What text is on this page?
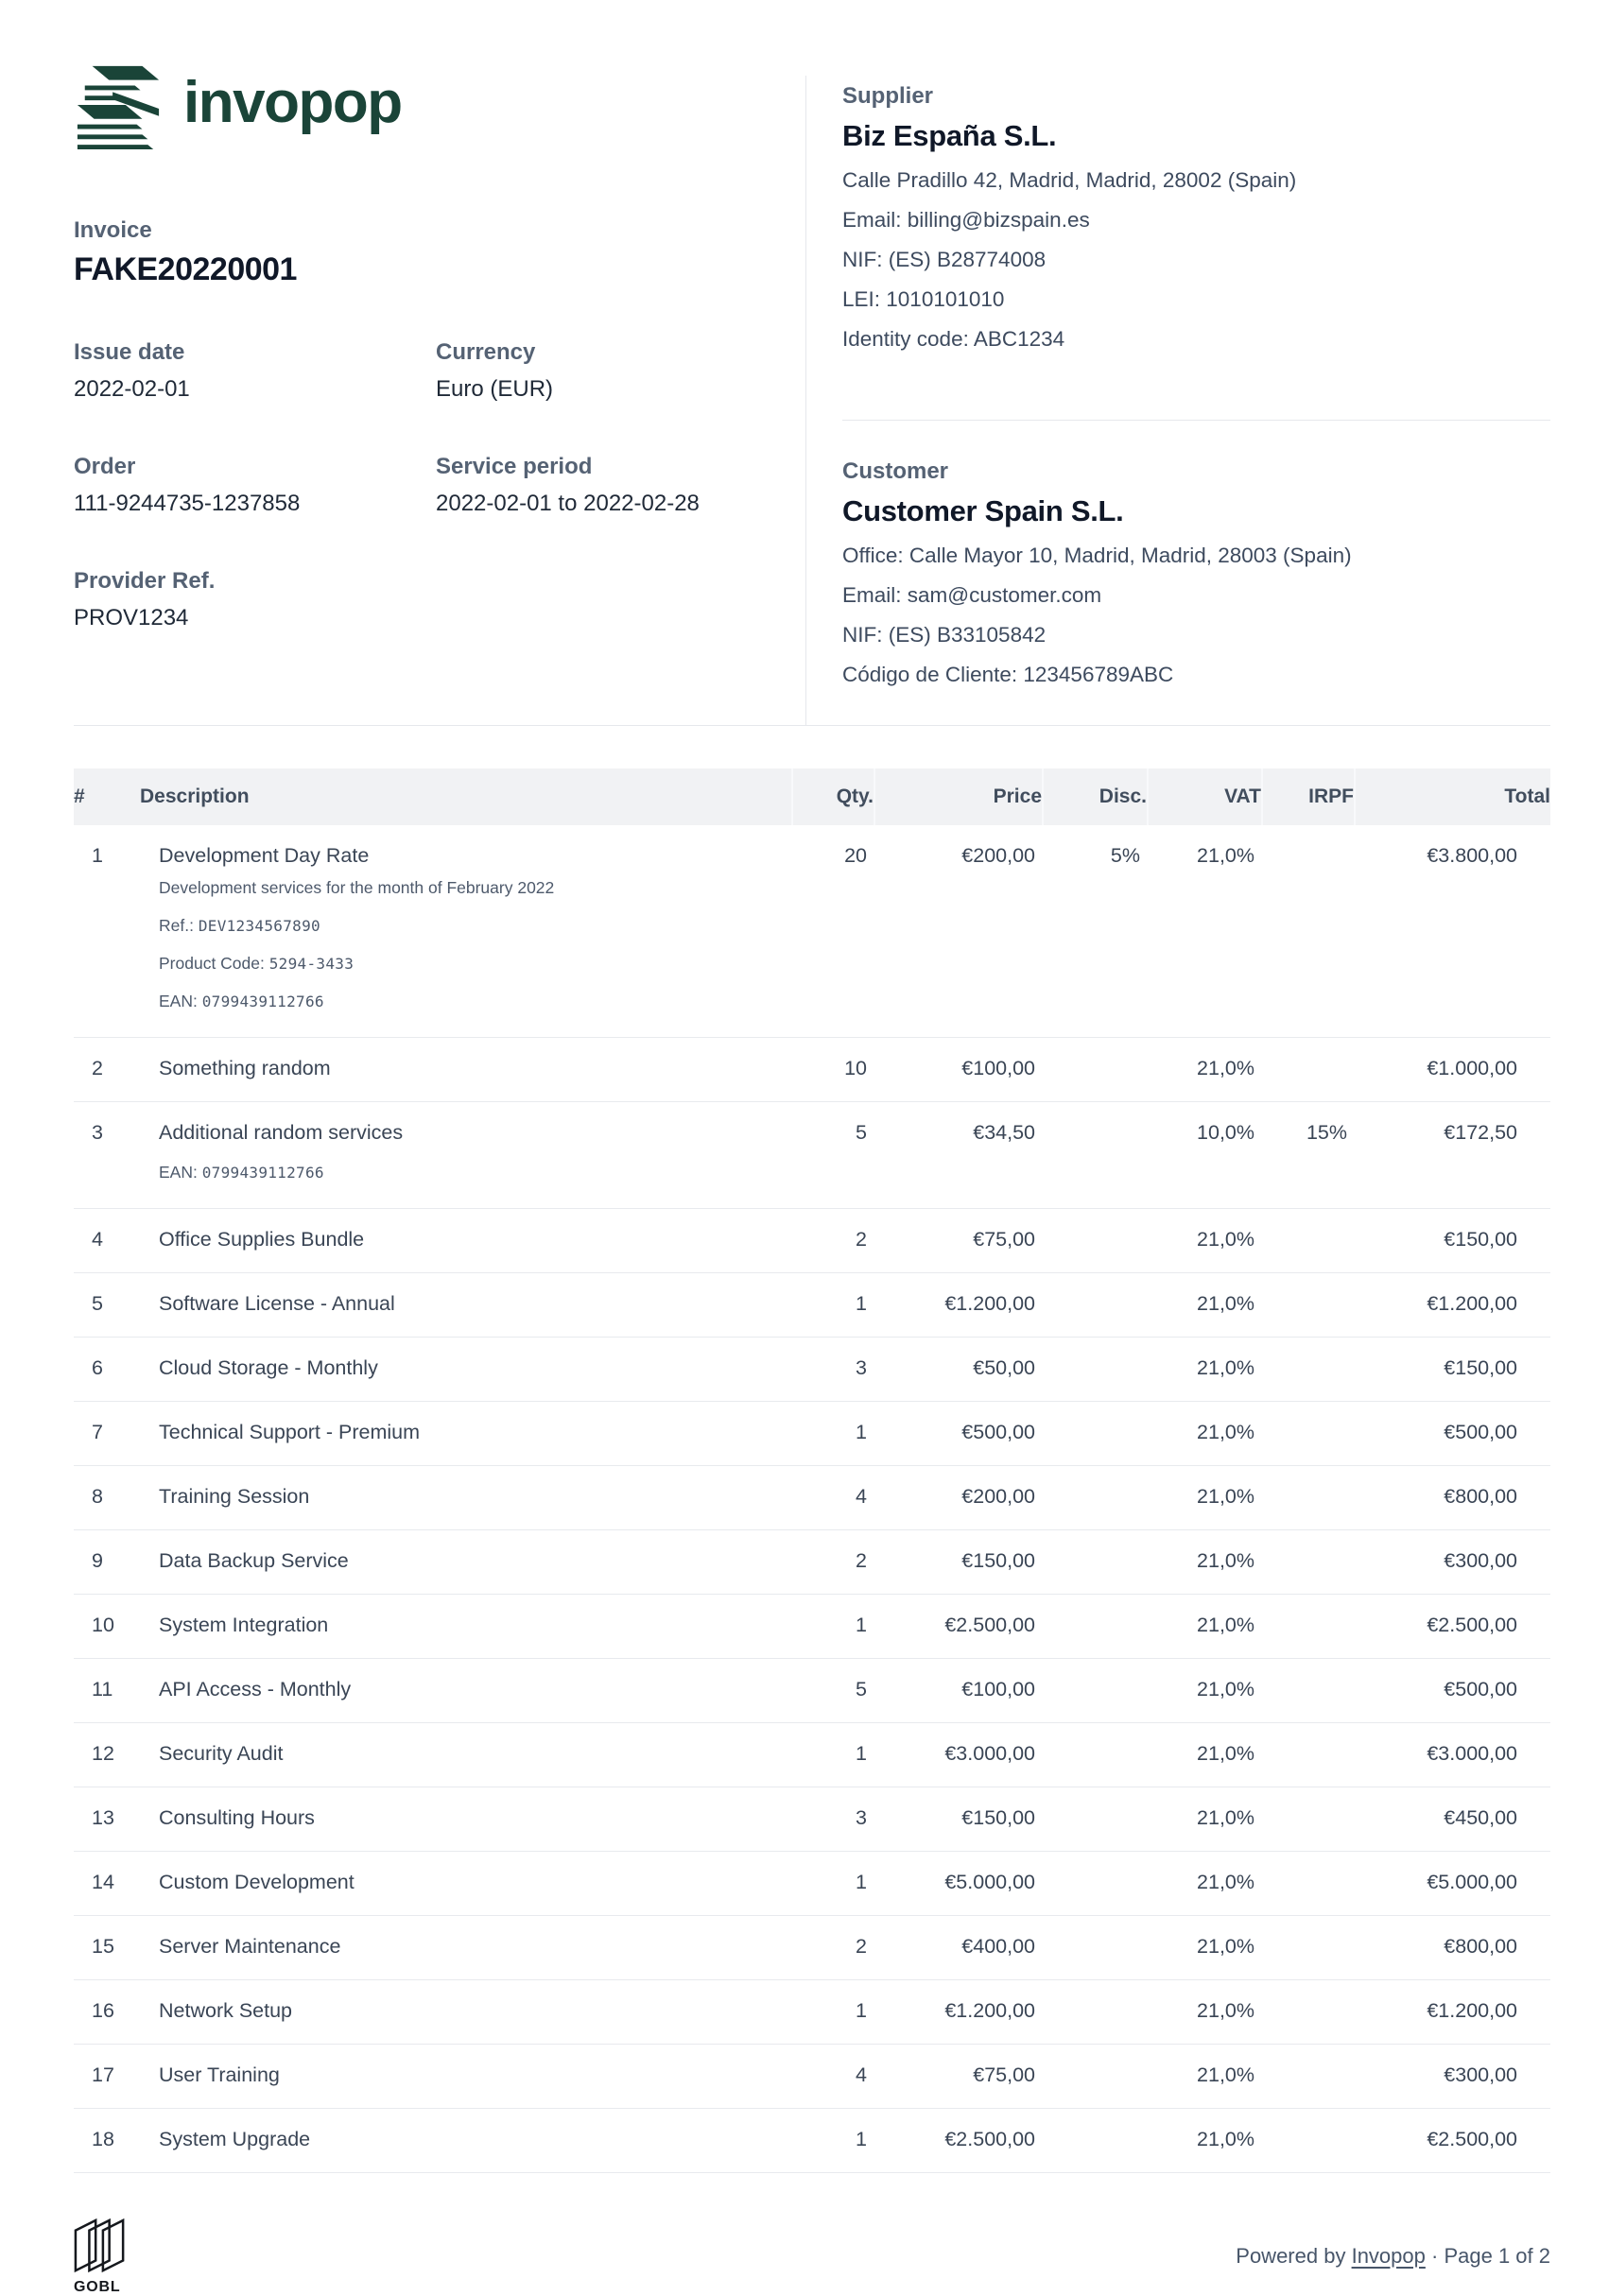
invopop
Invoice
FAKE20220001
Issue date
2022-02-01
Currency
Euro (EUR)
Order
111-9244735-1237858
Service period
2022-02-01 to 2022-02-28
Provider Ref.
PROV1234
Supplier
Biz España S.L.
Calle Pradillo 42, Madrid, Madrid, 28002 (Spain)
Email: billing@bizspain.es
NIF: (ES) B28774008
LEI: 1010101010
Identity code: ABC1234
Customer
Customer Spain S.L.
Office: Calle Mayor 10, Madrid, Madrid, 28003 (Spain)
Email: sam@customer.com
NIF: (ES) B33105842
Código de Cliente: 123456789ABC
#	Description	Qty.	Price	Disc.	VAT	IRPF	Total
1	Development Day Rate
Development services for the month of February 2022
Ref.: DEV1234567890
Product Code: 5294-3433
EAN: 0799439112766	20	€200,00	5%	21,0%		€3.800,00
2	Something random	10	€100,00		21,0%		€1.000,00
3	Additional random services
EAN: 0799439112766	5	€34,50		10,0%	15%	€172,50
4	Office Supplies Bundle	2	€75,00		21,0%		€150,00
5	Software License - Annual	1	€1.200,00		21,0%		€1.200,00
6	Cloud Storage - Monthly	3	€50,00		21,0%		€150,00
7	Technical Support - Premium	1	€500,00		21,0%		€500,00
8	Training Session	4	€200,00		21,0%		€800,00
9	Data Backup Service	2	€150,00		21,0%		€300,00
10	System Integration	1	€2.500,00		21,0%		€2.500,00
11	API Access - Monthly	5	€100,00		21,0%		€500,00
12	Security Audit	1	€3.000,00		21,0%		€3.000,00
13	Consulting Hours	3	€150,00		21,0%		€450,00
14	Custom Development	1	€5.000,00		21,0%		€5.000,00
15	Server Maintenance	2	€400,00		21,0%		€800,00
16	Network Setup	1	€1.200,00		21,0%		€1.200,00
17	User Training	4	€75,00		21,0%		€300,00
18	System Upgrade	1	€2.500,00		21,0%		€2.500,00
GOBL
Powered by Invopop · Page 1 of 2
